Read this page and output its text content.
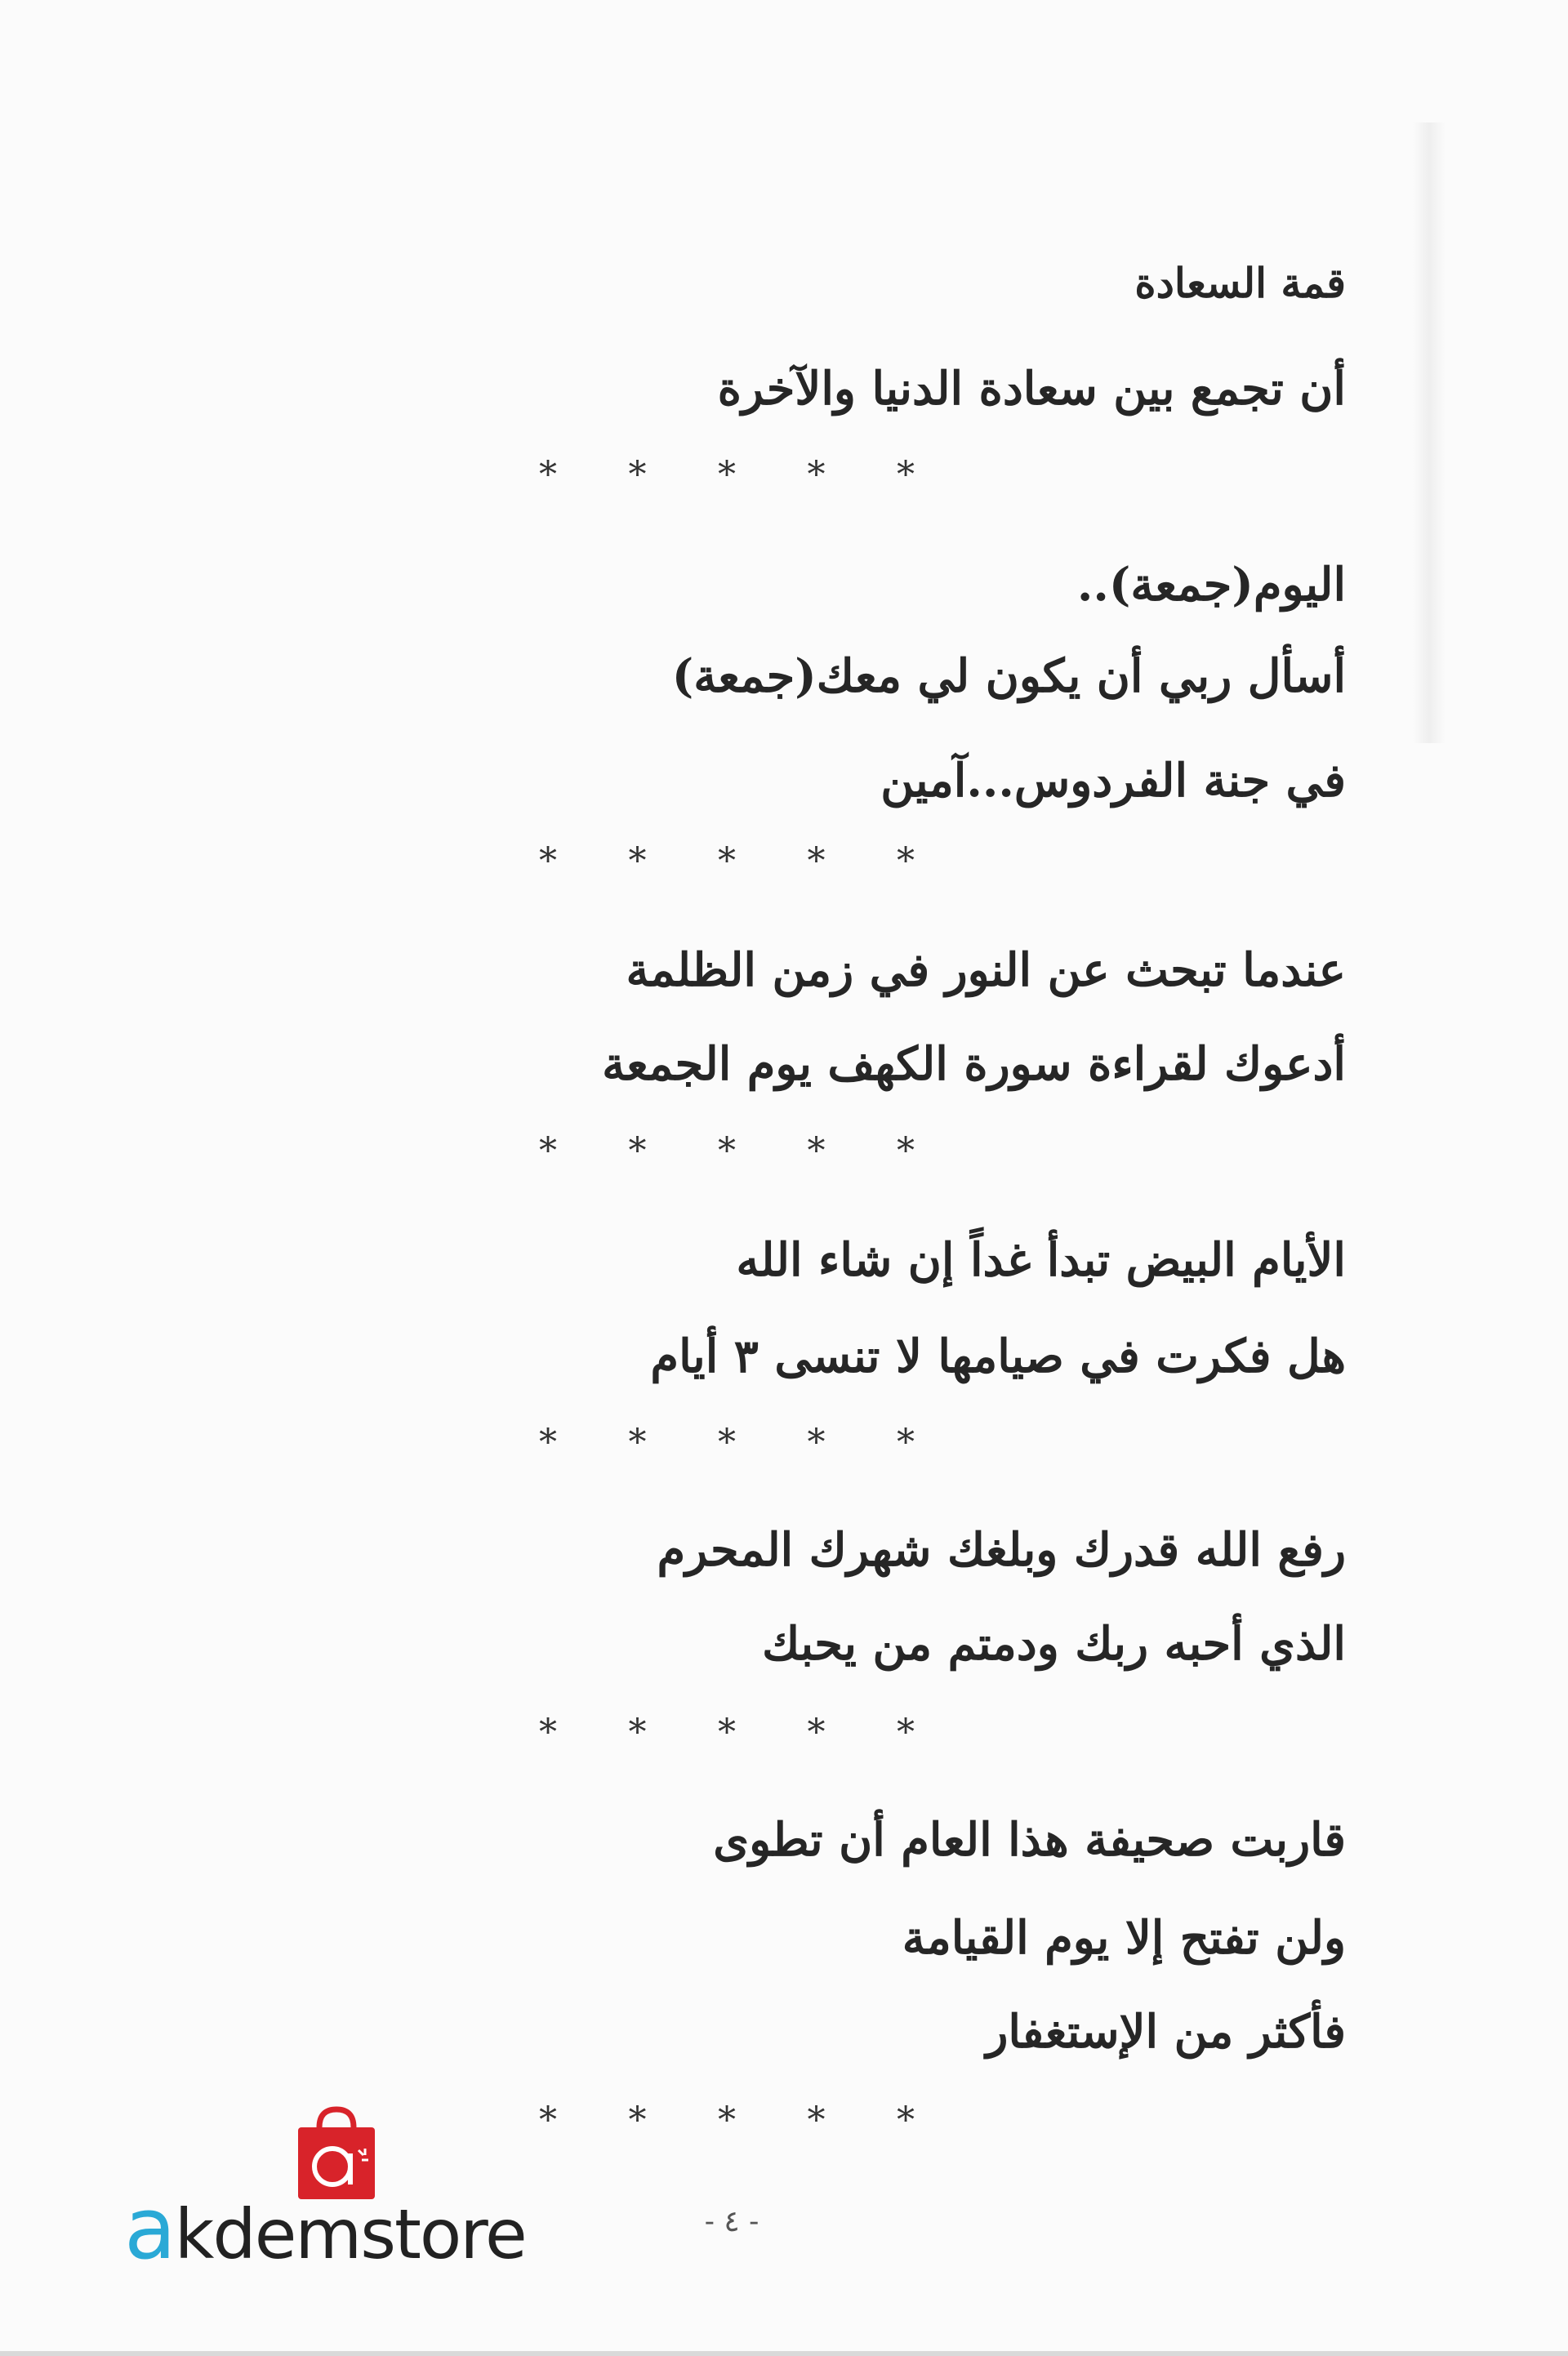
قمة السعادة
أن تجمع بين سعادة الدنيا والآخرة
* * * * *
اليوم(جمعة)..
أسأل ربي أن يكون لي معك(جمعة)
في جنة الفردوس...آمين
* * * * *
عندما تبحث عن النور في زمن الظلمة
أدعوك لقراءة سورة الكهف يوم الجمعة
* * * * *
الأيام البيض تبدأ غداً إن شاء الله
هل فكرت في صيامها لا تنسى ٣ أيام
* * * * *
رفع الله قدرك وبلغك شهرك المحرم
الذي أحبه ربك ودمتم من يحبك
* * * * *
قاربت صحيفة هذا العام أن تطوى
ولن تفتح إلا يوم القيامة
فأكثر من الإستغفار
* * * * *
- ٤ -
akdemstore
